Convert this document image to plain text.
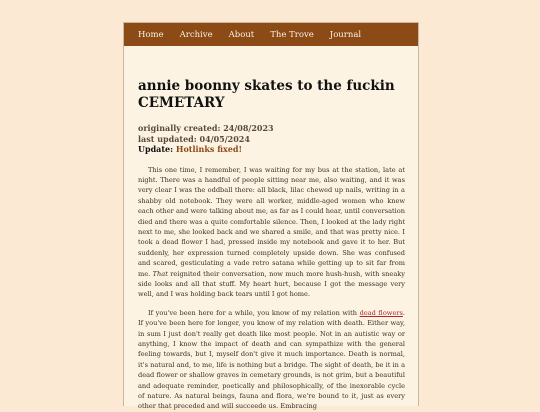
Home Archive About The Trove Journal
annie boonny skates to the fuckin CEMETARY
originally created: 24/08/2023
last updated: 04/05/2024
Update: Hotlinks fixed!

This one time, I remember, I was waiting for my bus at the station, late at night. There was a handful of people sitting near me, also waiting, and it was very clear I was the oddball there: all black, lilac chewed up nails, writing in a shabby old notebook. They were all worker, middle-aged women who knew each other and were talking about me, as far as I could hear, until conversation died and there was a quite comfortable silence. Then, I looked at the lady right next to me, she looked back and we shared a smile, and that was pretty nice. I took a dead flower I had, pressed inside my notebook and gave it to her. But suddenly, her expression turned completely upside down. She was confused and scared, gesticulating a vade retro satana while getting up to sit far from me. That reignited their conversation, now much more hush-hush, with sneaky side looks and all that stuff. My heart hurt, because I got the message very well, and I was holding back tears until I got home.

If you've been here for a while, you know of my relation with dead flowers. If you've been here for longer, you know of my relation with death. Either way, in sum I just don't really get death like most people. Not in an autistic way or anything, I know the impact of death and can sympathize with the general feeling towards, but I, myself don't give it much importance. Death is normal, it's natural and, to me, life is nothing but a bridge. The sight of death, be it in a dead flower or shallow graves in cemetary grounds, is not grim, but a beautiful and adequate reminder, poetically and philosophically, of the inexorable cycle of nature. As natural beings, fauna and flora, we're bound to it, just as every other that preceded and will succeede us. Embracing
